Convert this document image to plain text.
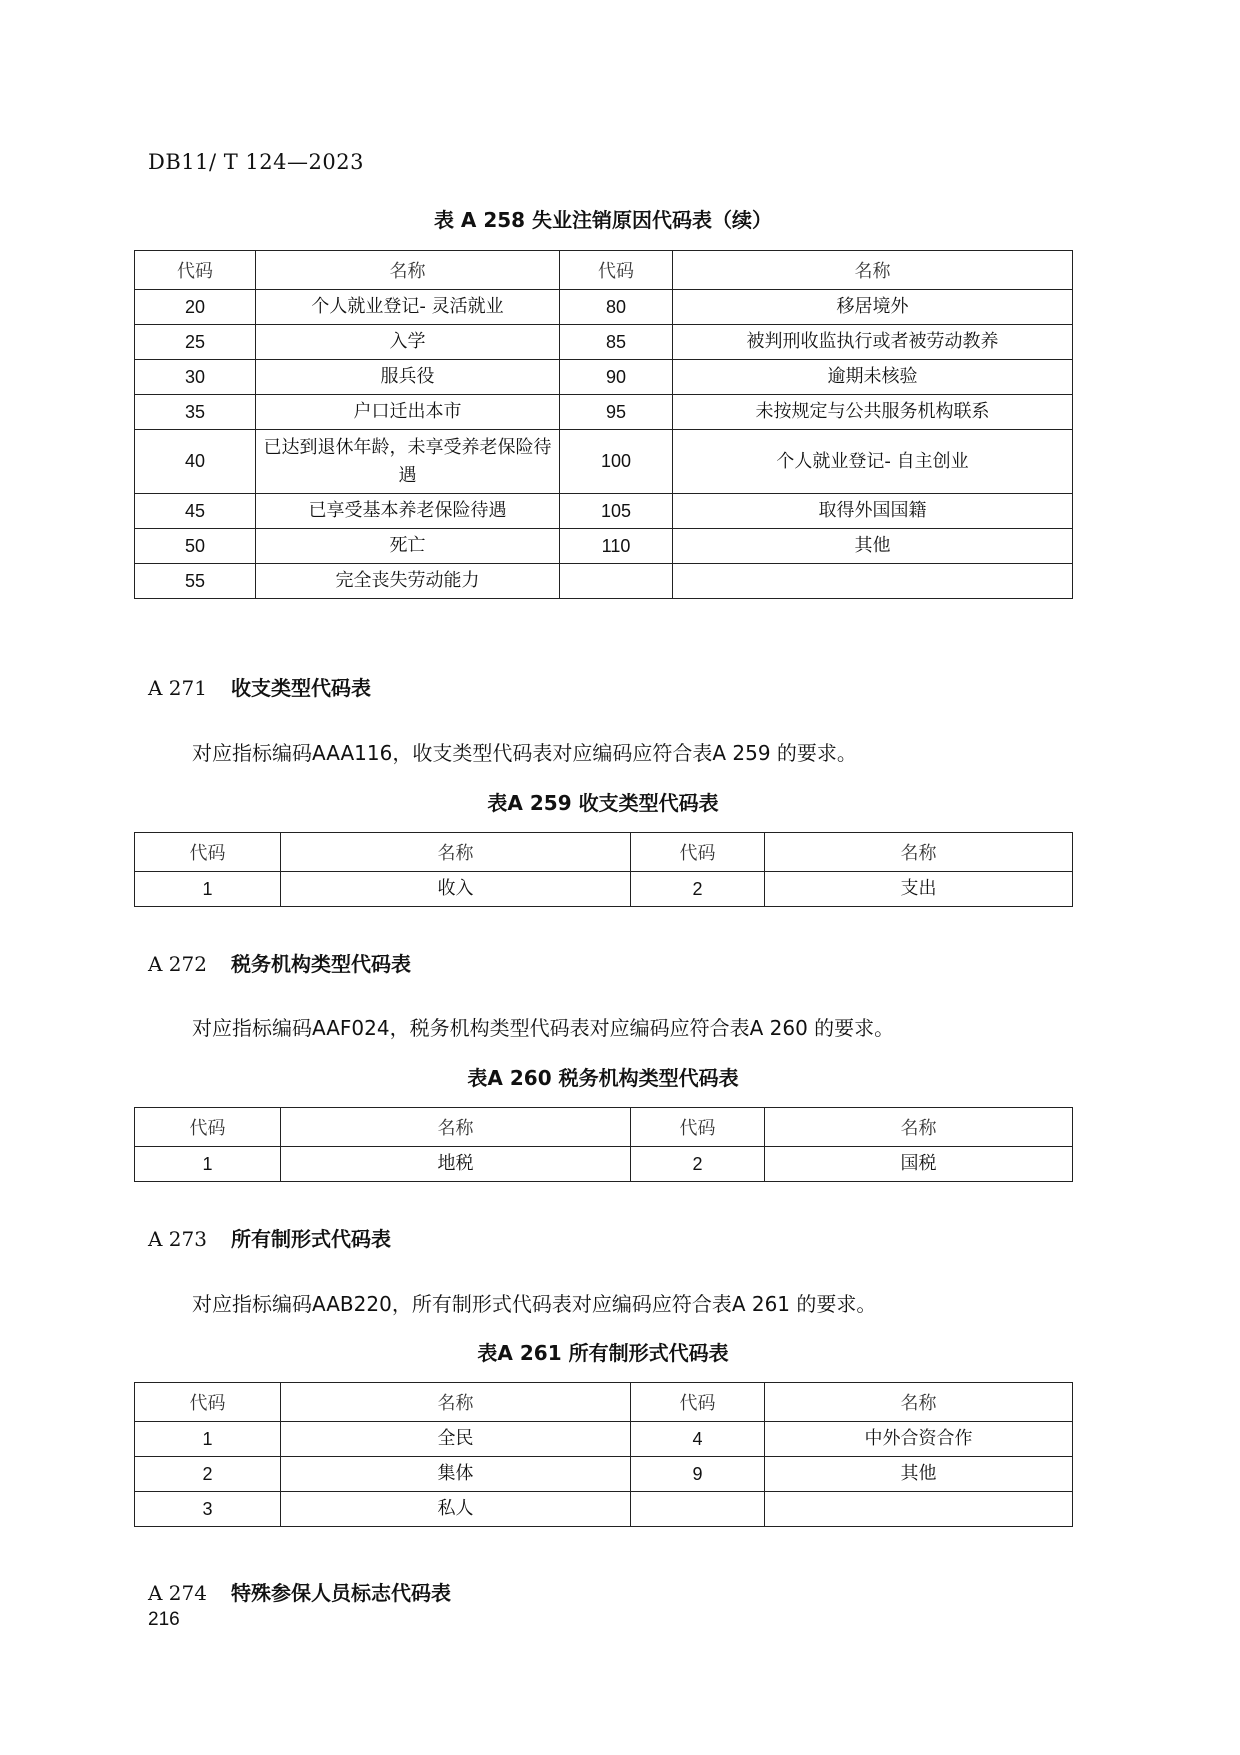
DB11/ T 124—2023
表 A 258 失业注销原因代码表（续）
代码	名称	代码	名称
20	个人就业登记- 灵活就业	80	移居境外
25	入学	85	被判刑收监执行或者被劳动教养
30	服兵役	90	逾期未核验
35	户口迁出本市	95	未按规定与公共服务机构联系
40	已达到退休年龄，未享受养老保险待遇	100	个人就业登记- 自主创业
45	已享受基本养老保险待遇	105	取得外国国籍
50	死亡	110	其他
55	完全丧失劳动能力		
A 271 收支类型代码表
对应指标编码AAA116，收支类型代码表对应编码应符合表A 259 的要求。
表A 259 收支类型代码表
代码	名称	代码	名称
1	收入	2	支出
A 272 税务机构类型代码表
对应指标编码AAF024，税务机构类型代码表对应编码应符合表A 260 的要求。
表A 260 税务机构类型代码表
代码	名称	代码	名称
1	地税	2	国税
A 273 所有制形式代码表
对应指标编码AAB220，所有制形式代码表对应编码应符合表A 261 的要求。
表A 261 所有制形式代码表
代码	名称	代码	名称
1	全民	4	中外合资合作
2	集体	9	其他
3	私人		
A 274 特殊参保人员标志代码表
216
